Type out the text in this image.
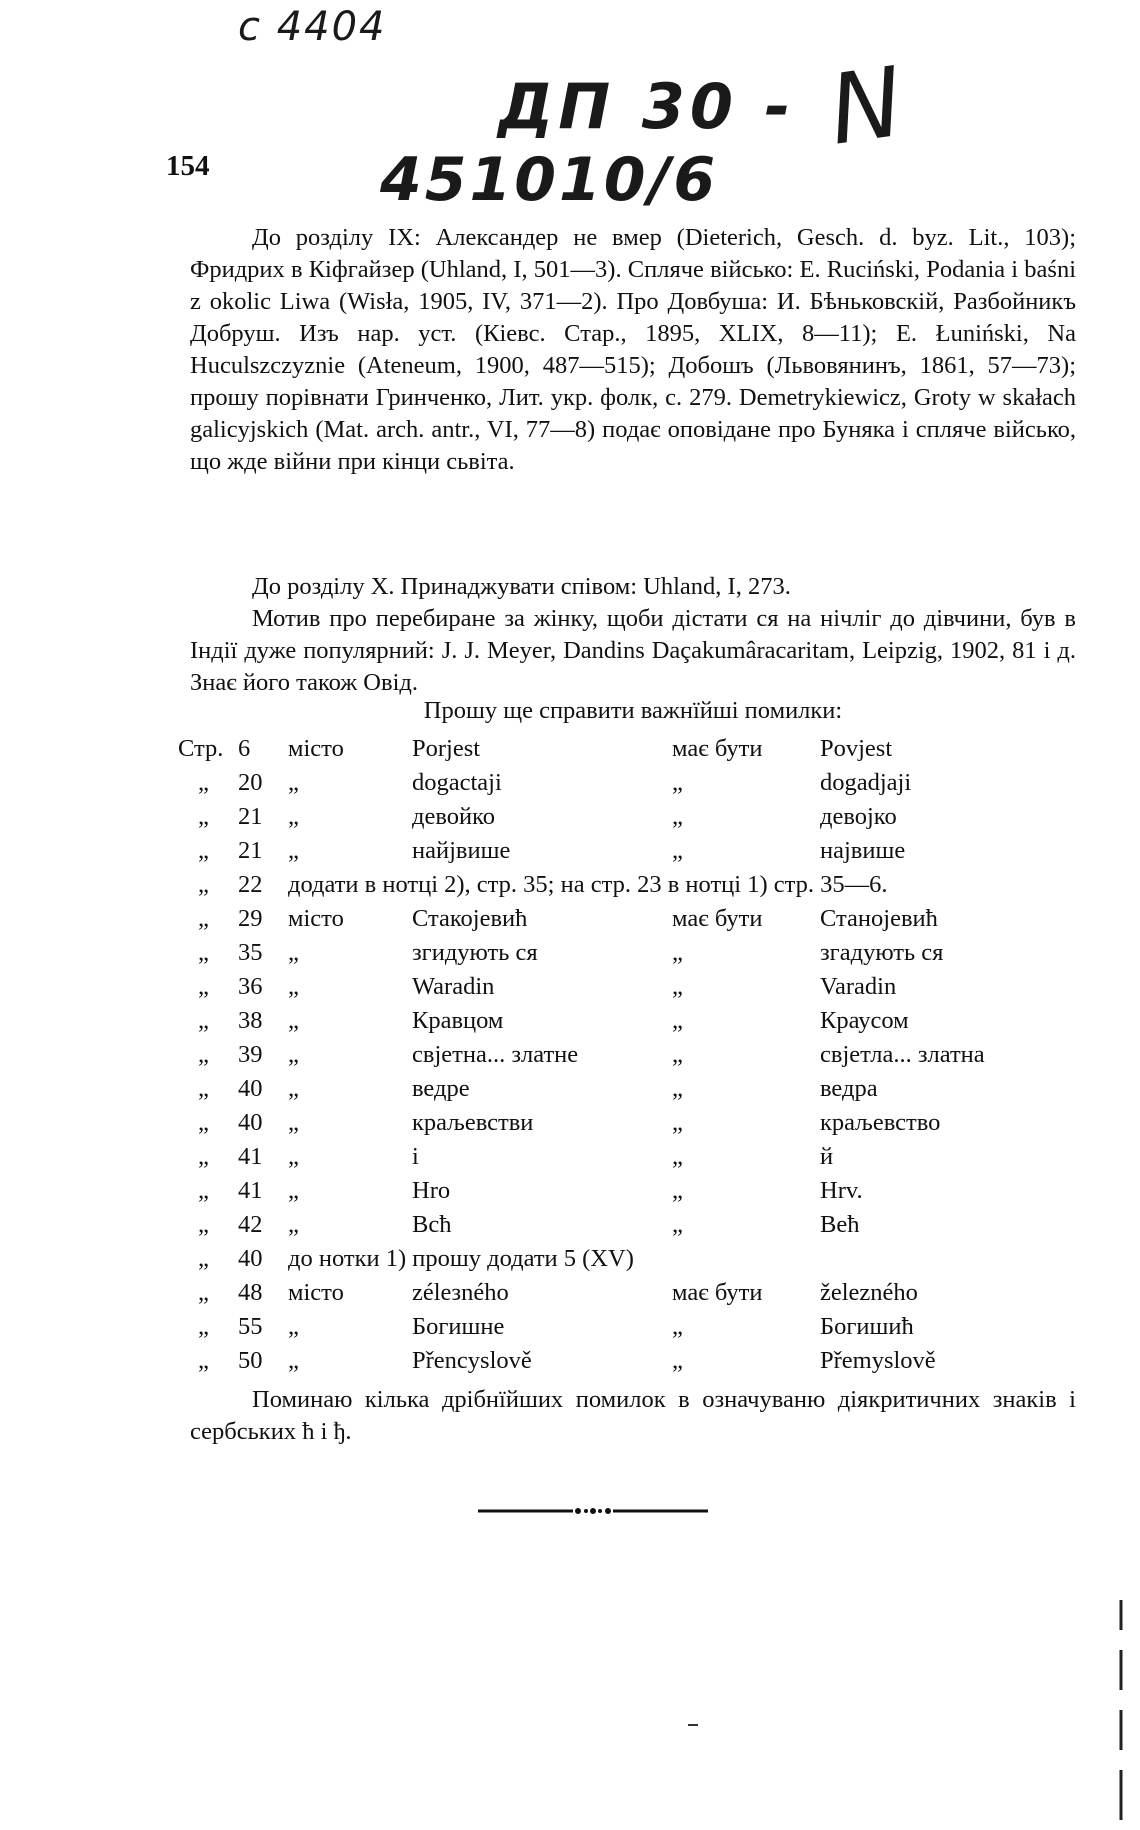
с 4404
ДП 30 - N
451010/6
154

До розділу IX: Александер не вмер (Dieterich, Gesch. d. byz. Lit., 103); Фридрих в Кіфгайзер (Uhland, I, 501—3). Спляче військо: E. Ruciński, Podania i baśni z okolic Liwa (Wisła, 1905, IV, 371—2). Про Довбуша: И. Бѣньковскій, Разбойникъ Добруш. Изъ нар. уст. (Кіевс. Стар., 1895, XLIX, 8—11); E. Łuniński, Na Huculszczyznie (Ateneum, 1900, 487—515); Добошъ (Львовянинъ, 1861, 57—73); прошу порівнати Гринченко, Лит. укр. фолк, с. 279. Demetrykiewicz, Groty w skałach galicyjskich (Mat. arch. antr., VI, 77—8) подає оповідане про Буняка і спляче військо, що жде війни при кінци сьвіта.

До розділу X. Принаджувати співом: Uhland, I, 273.

Мотив про перебиране за жінку, щоби дістати ся на нічліг до дівчини, був в Індії дуже популярний: J. J. Meyer, Dandins Daçakumâracaritam, Leipzig, 1902, 81 і д. Знає його також Овід.

Прошу ще справити важнїйші помилки:
Стр. 6 місто	Porjest	має бути Povjest
„ 20 „	dogactaji	„	dogadjaji
„ 21 „	девойко	„	девојко
„ 21 „	найјвише	„	највише
„ 22 додати в нотці 2), стр. 35; на стр. 23 в нотці 1) стр. 35—6.
„ 29 місто	Стакојевић	має бути Станојевић
„ 35 „	згидують ся	„	згадують ся
„ 36 „	Waradin	„	Varadin
„ 38 „	Кравцом	„	Краусом
„ 39 „	свјетна... златне	„	свјетла... златна
„ 40 „	ведре	„	ведра
„ 40 „	краљевстви	„	краљевство
„ 41 „	і	„	й
„ 41 „	Hro	„	Hrv.
„ 42 „	Вcћ	„	Већ
„ 40 до нотки 1) прошу додати 5 (XV)
„ 48 місто	zéleзného	має бути železného
„ 55 „	Богишне	„	Богишић
„ 50 „	Přencyslově	„	Přemyslově

Поминаю кілька дрібнїйших помилок в означуваню діякритичних знаків і сербських ћ і ђ.
